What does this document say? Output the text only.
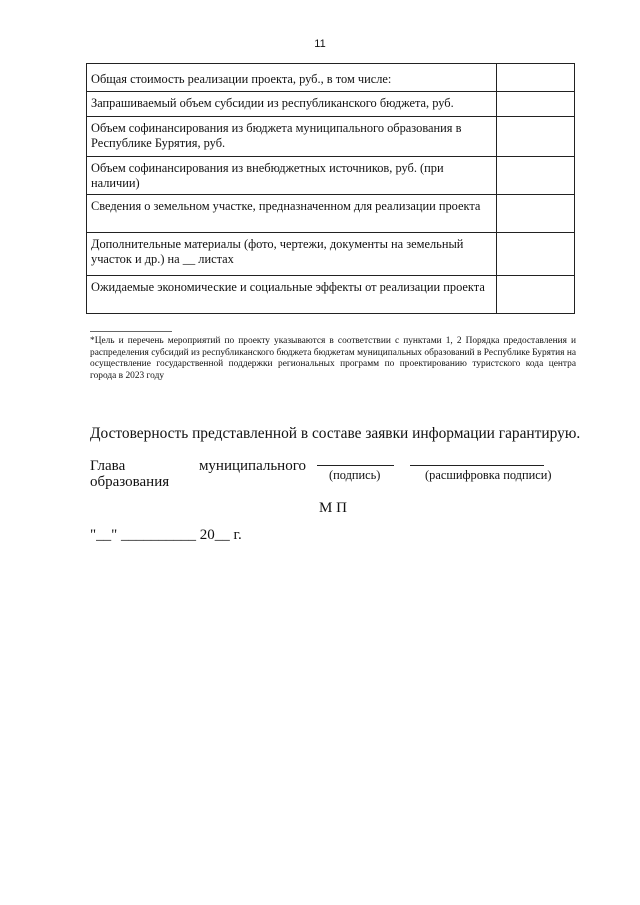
11
Общая стоимость реализации проекта, руб., в том числе:	
Запрашиваемый объем субсидии из республиканского бюджета, руб.	
Объем софинансирования из бюджета муниципального образования в Республике Бурятия, руб.	
Объем софинансирования из внебюджетных источников, руб. (при наличии)	
Сведения о земельном участке, предназначенном для реализации проекта	
Дополнительные материалы (фото, чертежи, документы на земельный участок и др.) на __ листах	
Ожидаемые экономические и социальные эффекты от реализации проекта	
*Цель и перечень мероприятий по проекту указываются в соответствии с пунктами 1, 2 Порядка предоставления и распределения субсидий из республиканского бюджета бюджетам муниципальных образований в Республике Бурятия на осуществление государственной поддержки региональных программ по проектированию туристского кода центра города в 2023 году
Достоверность представленной в составе заявки информации гарантирую.
Глава	муниципального
образования	(подпись)	(расшифровка подписи)
М П
"__" __________ 20__ г.
